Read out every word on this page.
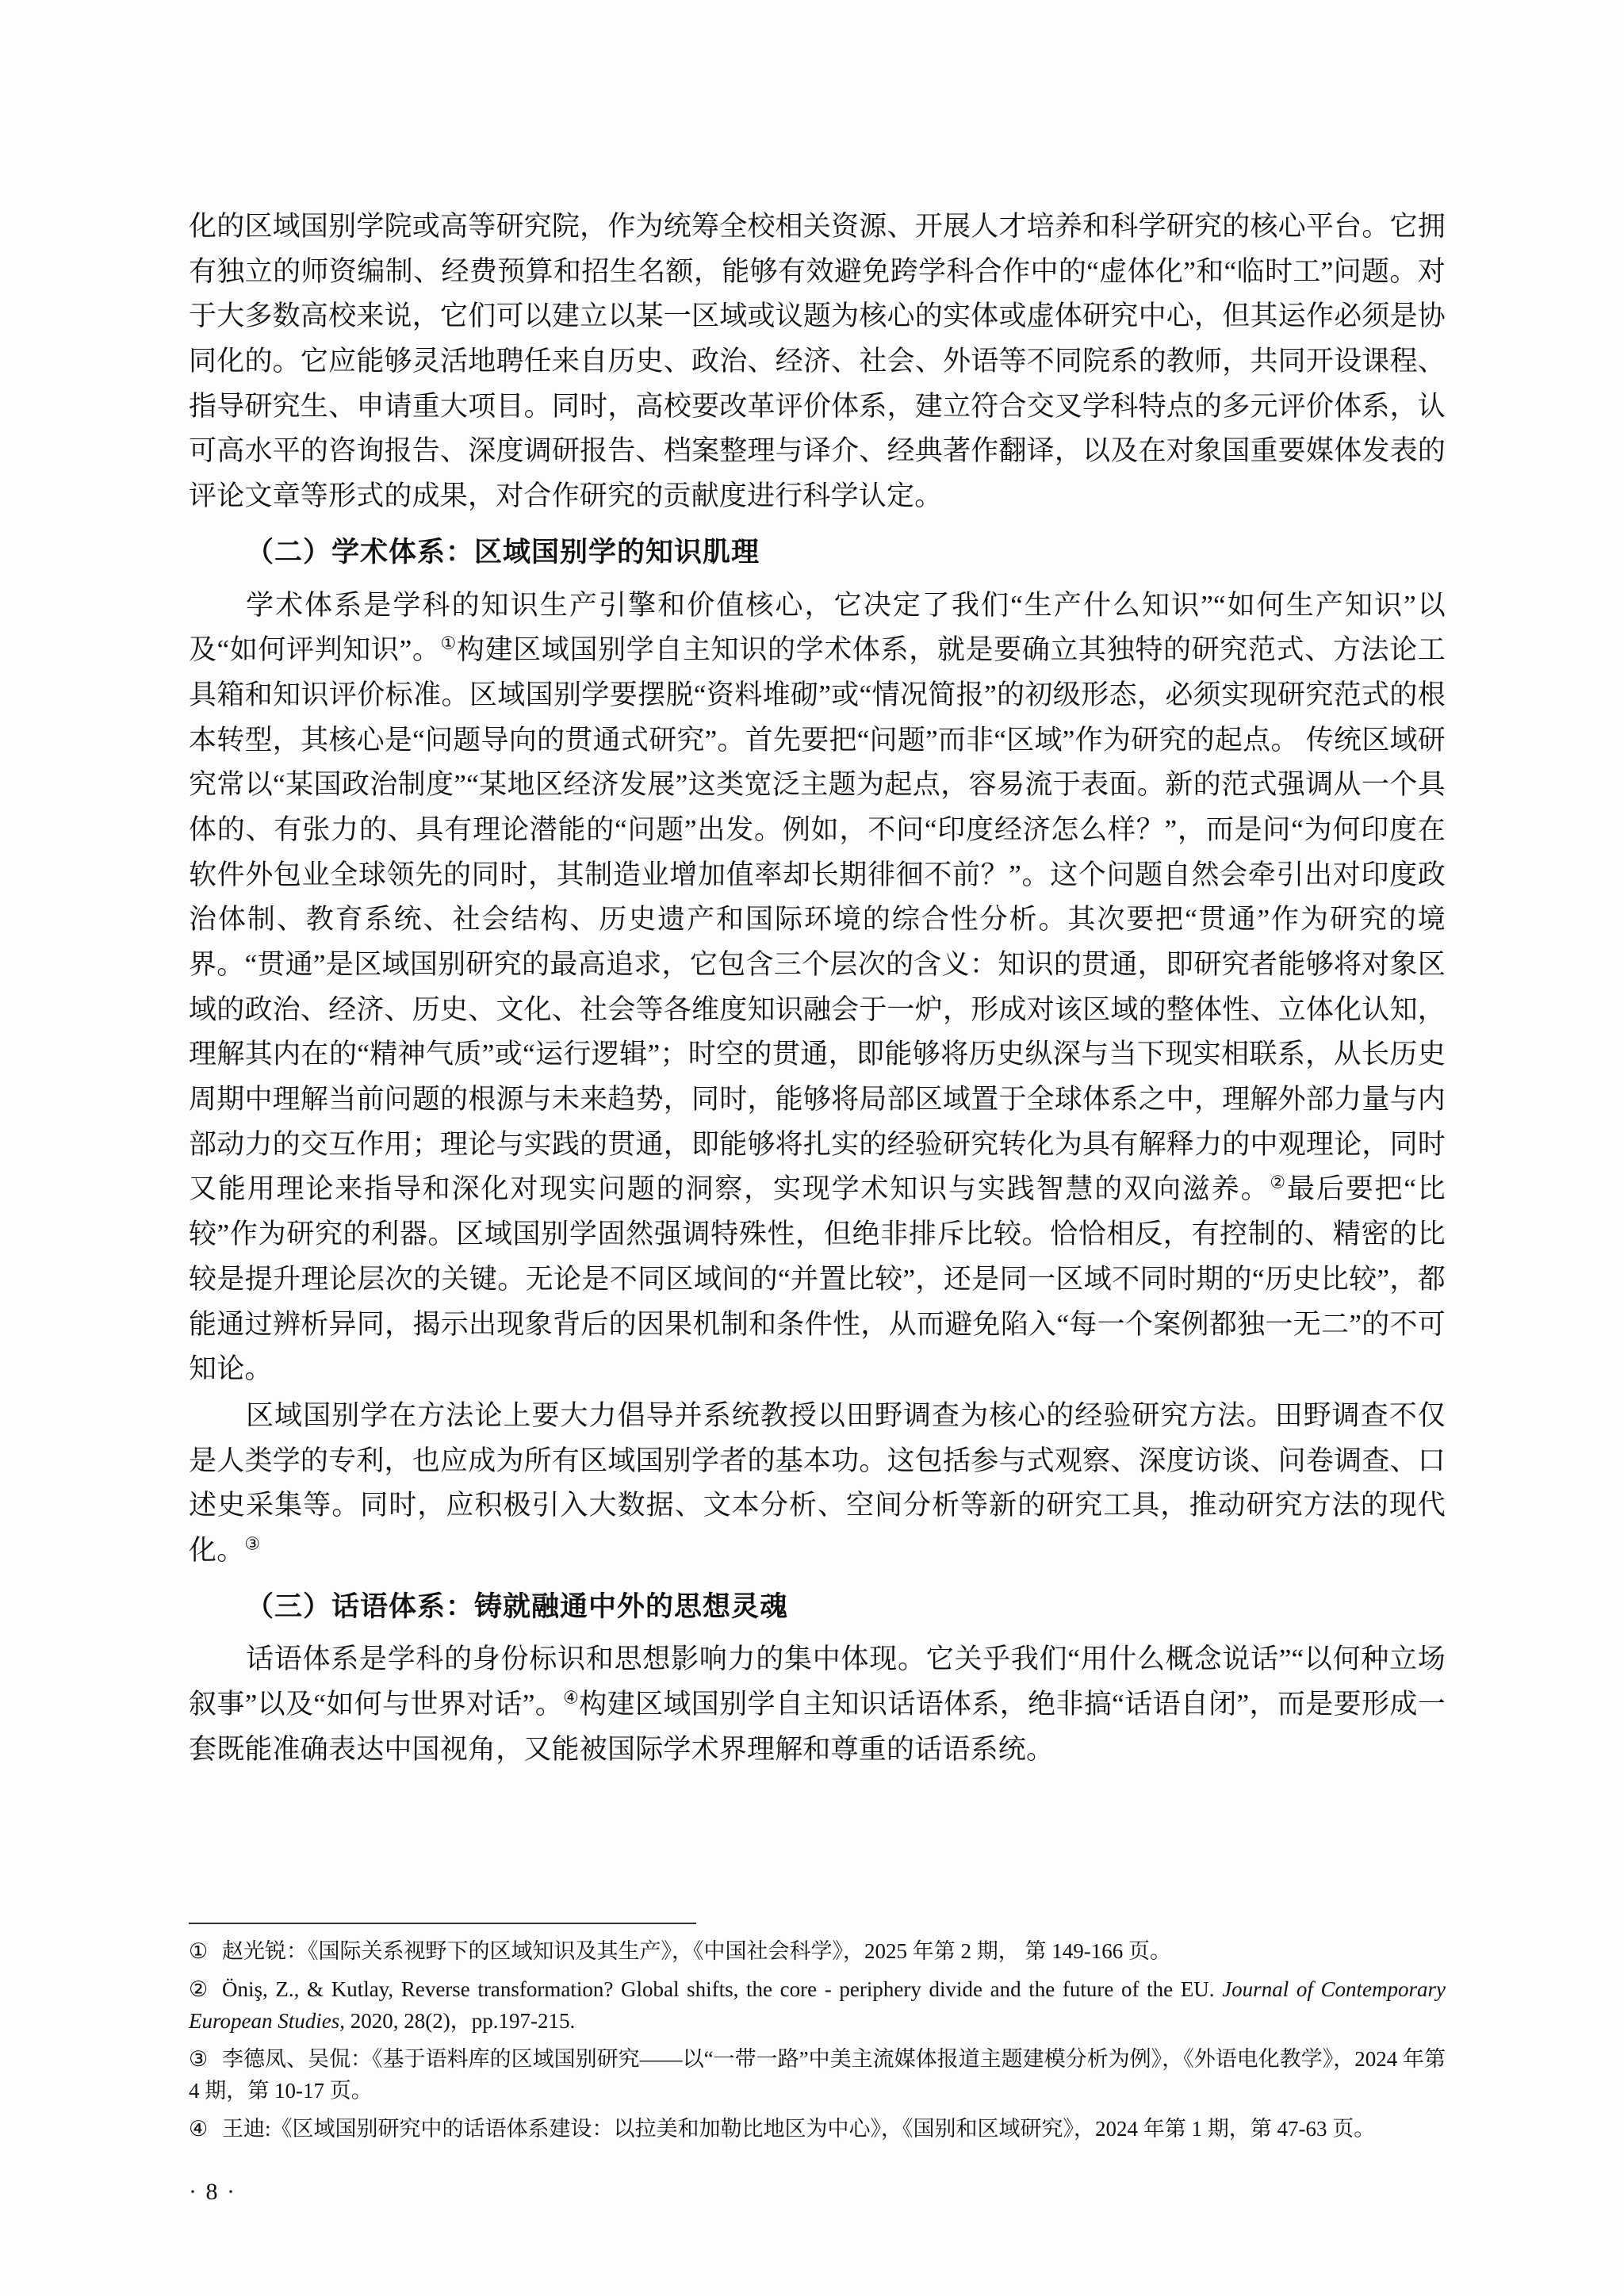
化的区域国别学院或高等研究院，作为统筹全校相关资源、开展人才培养和科学研究的核心平台。它拥有独立的师资编制、经费预算和招生名额，能够有效避免跨学科合作中的“虚体化”和“临时工”问题。对于大多数高校来说，它们可以建立以某一区域或议题为核心的实体或虚体研究中心，但其运作必须是协同化的。它应能够灵活地聘任来自历史、政治、经济、社会、外语等不同院系的教师，共同开设课程、指导研究生、申请重大项目。同时，高校要改革评价体系，建立符合交叉学科特点的多元评价体系，认可高水平的咨询报告、深度调研报告、档案整理与译介、经典著作翻译，以及在对象国重要媒体发表的评论文章等形式的成果，对合作研究的贡献度进行科学认定。

（二）学术体系：区域国别学的知识肌理

学术体系是学科的知识生产引擎和价值核心，它决定了我们“生产什么知识”“如何生产知识”以及“如何评判知识”。①构建区域国别学自主知识的学术体系，就是要确立其独特的研究范式、方法论工具箱和知识评价标准。区域国别学要摆脱“资料堆砌”或“情况简报”的初级形态，必须实现研究范式的根本转型，其核心是“问题导向的贯通式研究”。首先要把“问题”而非“区域”作为研究的起点。 传统区域研究常以“某国政治制度”“某地区经济发展”这类宽泛主题为起点，容易流于表面。新的范式强调从一个具体的、有张力的、具有理论潜能的“问题”出发。例如，不问“印度经济怎么样？”，而是问“为何印度在软件外包业全球领先的同时，其制造业增加值率却长期徘徊不前？”。这个问题自然会牵引出对印度政治体制、教育系统、社会结构、历史遗产和国际环境的综合性分析。其次要把“贯通”作为研究的境界。“贯通”是区域国别研究的最高追求，它包含三个层次的含义：知识的贯通，即研究者能够将对象区域的政治、经济、历史、文化、社会等各维度知识融会于一炉，形成对该区域的整体性、立体化认知，理解其内在的“精神气质”或“运行逻辑”；时空的贯通，即能够将历史纵深与当下现实相联系，从长历史周期中理解当前问题的根源与未来趋势，同时，能够将局部区域置于全球体系之中，理解外部力量与内部动力的交互作用；理论与实践的贯通，即能够将扎实的经验研究转化为具有解释力的中观理论，同时又能用理论来指导和深化对现实问题的洞察，实现学术知识与实践智慧的双向滋养。②最后要把“比较”作为研究的利器。区域国别学固然强调特殊性，但绝非排斥比较。恰恰相反，有控制的、精密的比较是提升理论层次的关键。无论是不同区域间的“并置比较”，还是同一区域不同时期的“历史比较”，都能通过辨析异同，揭示出现象背后的因果机制和条件性，从而避免陷入“每一个案例都独一无二”的不可知论。

区域国别学在方法论上要大力倡导并系统教授以田野调查为核心的经验研究方法。田野调查不仅是人类学的专利，也应成为所有区域国别学者的基本功。这包括参与式观察、深度访谈、问卷调查、口述史采集等。同时，应积极引入大数据、文本分析、空间分析等新的研究工具，推动研究方法的现代化。③

（三）话语体系：铸就融通中外的思想灵魂

话语体系是学科的身份标识和思想影响力的集中体现。它关乎我们“用什么概念说话”“以何种立场叙事”以及“如何与世界对话”。④构建区域国别学自主知识话语体系，绝非搞“话语自闭”，而是要形成一套既能准确表达中国视角，又能被国际学术界理解和尊重的话语系统。

① 赵光锐：《国际关系视野下的区域知识及其生产》，《中国社会科学》，2025 年第 2 期， 第 149-166 页。
② Öniş, Z., & Kutlay, Reverse transformation? Global shifts, the core - periphery divide and the future of the EU. Journal of Contemporary European Studies, 2020, 28(2)，pp.197-215.
③ 李德凤、吴侃：《基于语料库的区域国别研究——以“一带一路”中美主流媒体报道主题建模分析为例》，《外语电化教学》，2024 年第 4 期，第 10-17 页。
④ 王迪:《区域国别研究中的话语体系建设：以拉美和加勒比地区为中心》，《国别和区域研究》，2024 年第 1 期，第 47-63 页。
· 8 ·
